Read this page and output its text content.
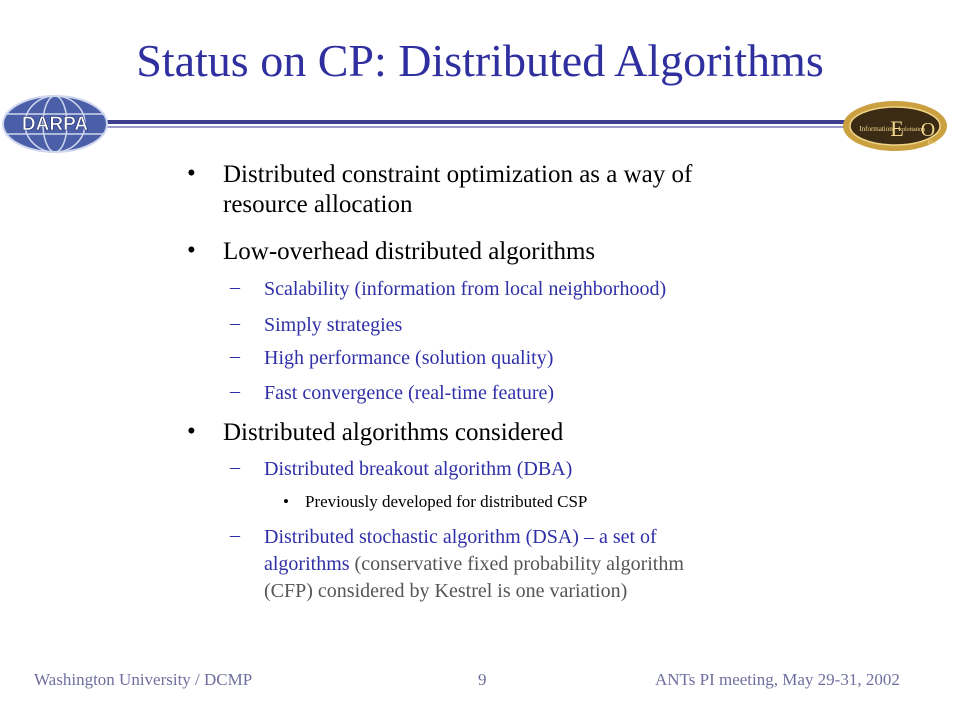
Status on CP: Distributed Algorithms
DARPA	Information
E
xploitation
O
ffice
• Distributed constraint optimization as a way of
resource allocation
• Low-overhead distributed algorithms
– Scalability (information from local neighborhood)
– Simply strategies
– High performance (solution quality)
– Fast convergence (real-time feature)
• Distributed algorithms considered
– Distributed breakout algorithm (DBA)
• Previously developed for distributed CSP
– Distributed stochastic algorithm (DSA) – a set of
algorithms (conservative fixed probability algorithm
(CFP) considered by Kestrel is one variation)
Washington University / DCMP	9	ANTs PI meeting, May 29-31, 2002
